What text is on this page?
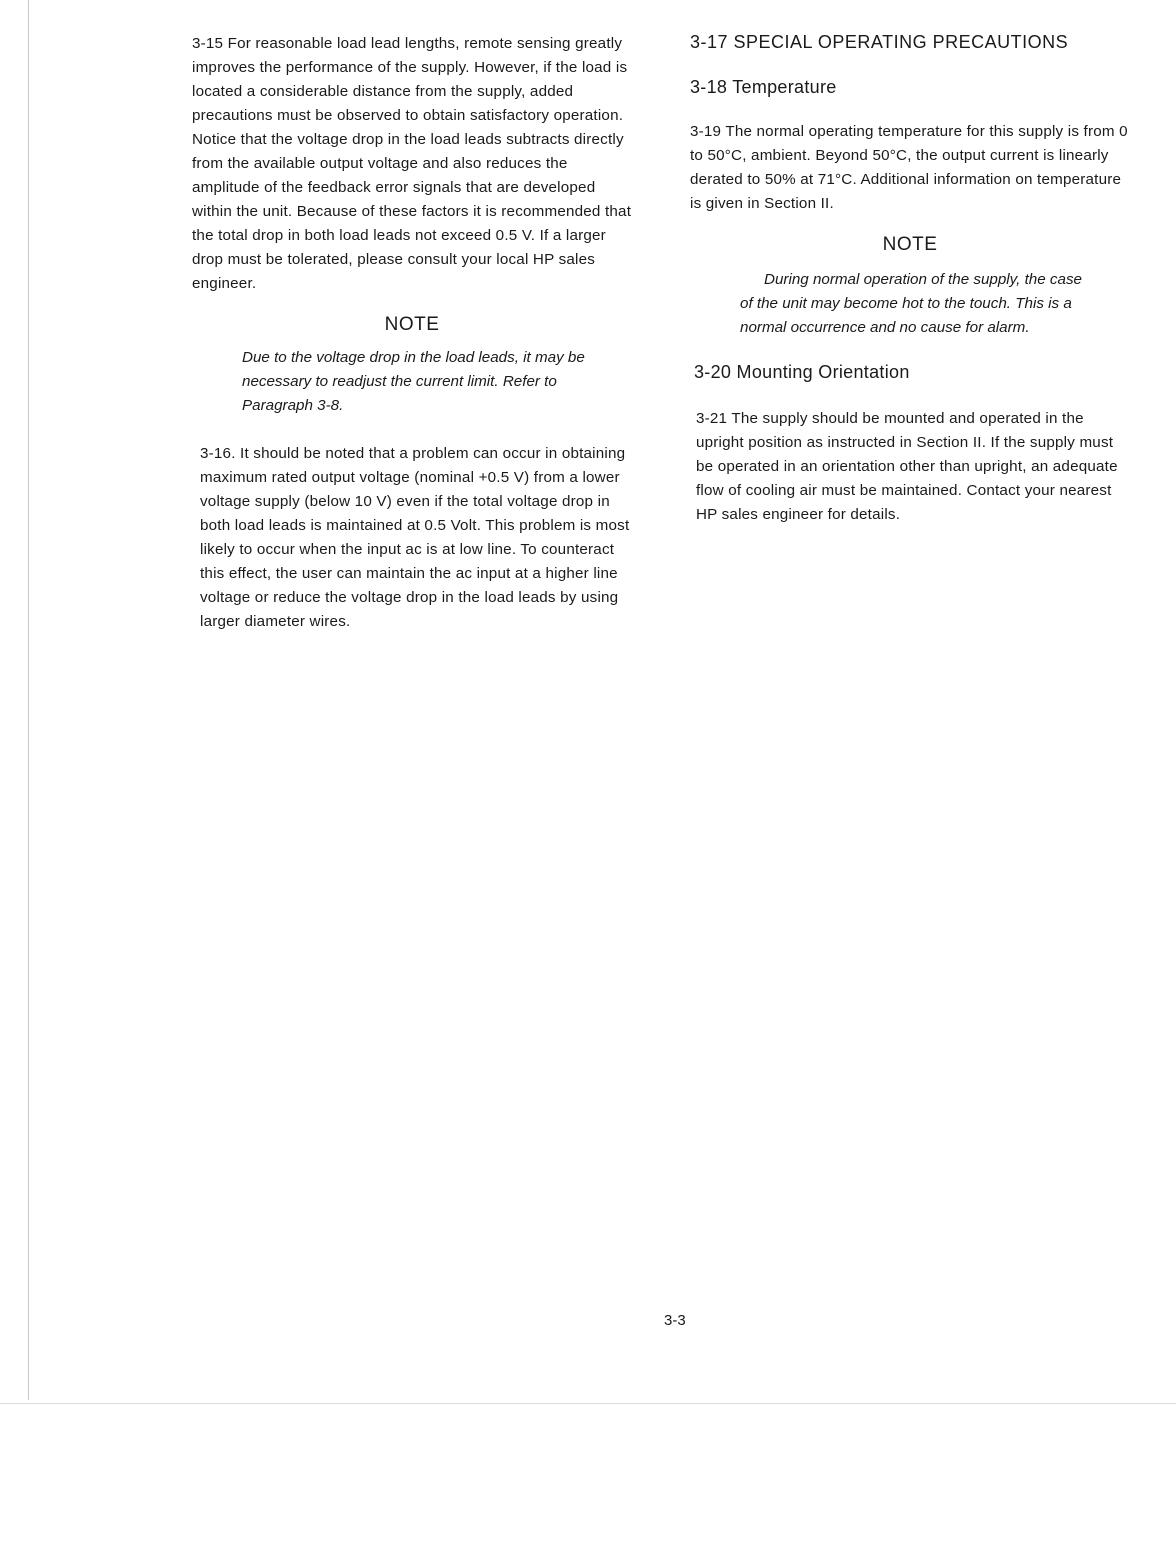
3-15 For reasonable load lead lengths, remote sensing greatly improves the performance of the supply. However, if the load is located a considerable distance from the supply, added precautions must be observed to obtain satisfactory operation. Notice that the voltage drop in the load leads subtracts directly from the available output voltage and also reduces the amplitude of the feedback error signals that are developed within the unit. Because of these factors it is recommended that the total drop in both load leads not exceed 0.5 V. If a larger drop must be tolerated, please consult your local HP sales engineer.

NOTE

Due to the voltage drop in the load leads, it may be necessary to readjust the current limit. Refer to Paragraph 3-8.

3-16. It should be noted that a problem can occur in obtaining maximum rated output voltage (nominal +0.5 V) from a lower voltage supply (below 10 V) even if the total voltage drop in both load leads is maintained at 0.5 Volt. This problem is most likely to occur when the input ac is at low line. To counteract this effect, the user can maintain the ac input at a higher line voltage or reduce the voltage drop in the load leads by using larger diameter wires.

3-17 SPECIAL OPERATING PRECAUTIONS

3-18 Temperature

3-19 The normal operating temperature for this supply is from 0 to 50°C, ambient. Beyond 50°C, the output current is linearly derated to 50% at 71°C. Additional information on temperature is given in Section II.

NOTE

During normal operation of the supply, the case of the unit may become hot to the touch. This is a normal occurrence and no cause for alarm.

3-20 Mounting Orientation

3-21 The supply should be mounted and operated in the upright position as instructed in Section II. If the supply must be operated in an orientation other than upright, an adequate flow of cooling air must be maintained. Contact your nearest HP sales engineer for details.

3-3
